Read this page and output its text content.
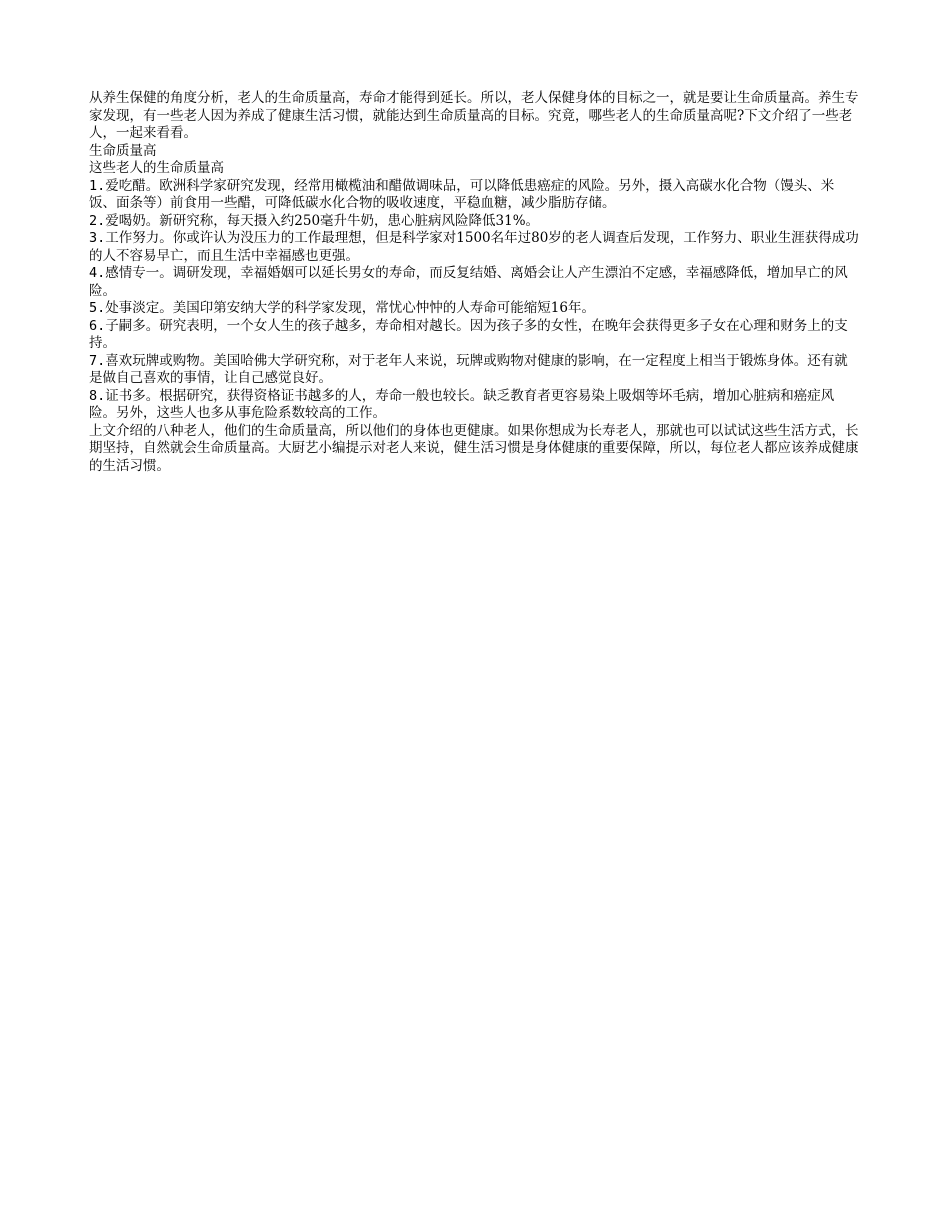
从养生保健的角度分析，老人的生命质量高，寿命才能得到延长。所以，老人保健身体的目标之一，就是要让生命质量高。养生专家发现，有一些老人因为养成了健康生活习惯，就能达到生命质量高的目标。究竟，哪些老人的生命质量高呢?下文介绍了一些老人，一起来看看。

生命质量高

这些老人的生命质量高

1.爱吃醋。欧洲科学家研究发现，经常用橄榄油和醋做调味品，可以降低患癌症的风险。另外，摄入高碳水化合物（馒头、米饭、面条等）前食用一些醋，可降低碳水化合物的吸收速度，平稳血糖，减少脂肪存储。

2.爱喝奶。新研究称，每天摄入约250毫升牛奶，患心脏病风险降低31%。

3.工作努力。你或许认为没压力的工作最理想，但是科学家对1500名年过80岁的老人调查后发现，工作努力、职业生涯获得成功的人不容易早亡，而且生活中幸福感也更强。

4.感情专一。调研发现，幸福婚姻可以延长男女的寿命，而反复结婚、离婚会让人产生漂泊不定感，幸福感降低，增加早亡的风险。

5.处事淡定。美国印第安纳大学的科学家发现，常忧心忡忡的人寿命可能缩短16年。

6.子嗣多。研究表明，一个女人生的孩子越多，寿命相对越长。因为孩子多的女性，在晚年会获得更多子女在心理和财务上的支持。

7.喜欢玩牌或购物。美国哈佛大学研究称，对于老年人来说，玩牌或购物对健康的影响，在一定程度上相当于锻炼身体。还有就是做自己喜欢的事情，让自己感觉良好。

8.证书多。根据研究，获得资格证书越多的人，寿命一般也较长。缺乏教育者更容易染上吸烟等坏毛病，增加心脏病和癌症风险。另外，这些人也多从事危险系数较高的工作。

上文介绍的八种老人，他们的生命质量高，所以他们的身体也更健康。如果你想成为长寿老人，那就也可以试试这些生活方式，长期坚持，自然就会生命质量高。大厨艺小编提示对老人来说，健生活习惯是身体健康的重要保障，所以，每位老人都应该养成健康的生活习惯。
